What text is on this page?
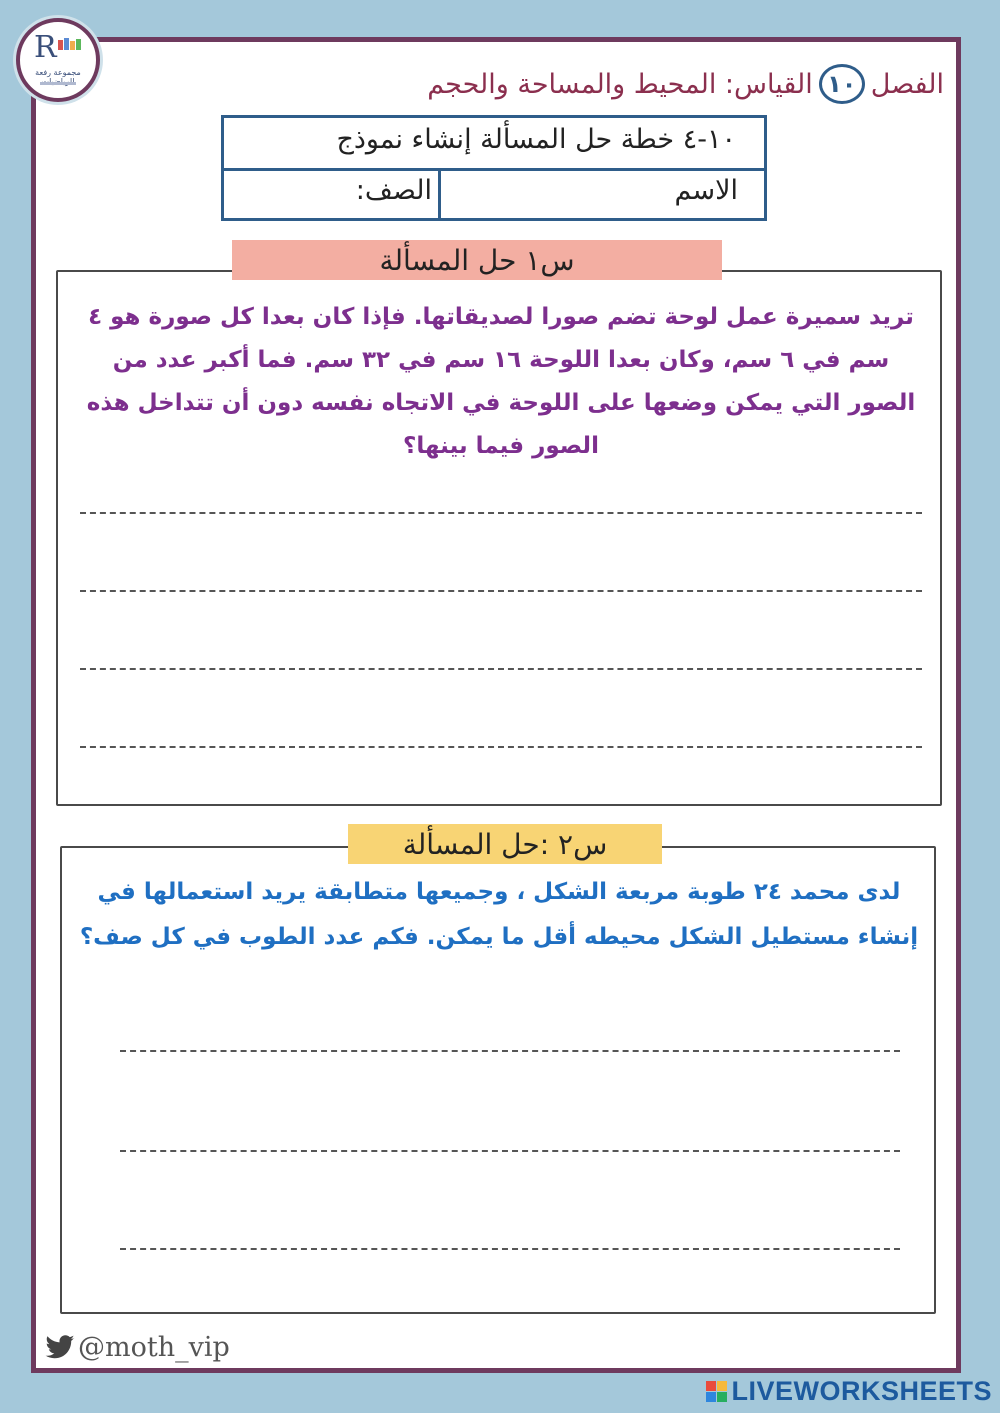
R
مجموعة رفعة	الفصل
١٠
القياس: المحيط والمساحة والحجم
١٠-٤ خطة حل المسألة إنشاء نموذج
الاسم
الصف:
س١ حل المسألة
تريد سميرة عمل لوحة تضم صورا لصديقاتها. فإذا كان بعدا كل صورة هو ٤ سم في ٦ سم، وكان بعدا اللوحة ١٦ سم في ٣٢ سم. فما أكبر عدد من الصور التي يمكن وضعها على اللوحة في الاتجاه نفسه دون أن تتداخل هذه الصور فيما بينها؟
س٢ :حل المسألة
لدى محمد ٢٤ طوبة مربعة الشكل ، وجميعها متطابقة يريد استعمالها في إنشاء مستطيل الشكل محيطه أقل ما يمكن. فكم عدد الطوب في كل صف؟
@moth_vip
LIVEWORKSHEETS
